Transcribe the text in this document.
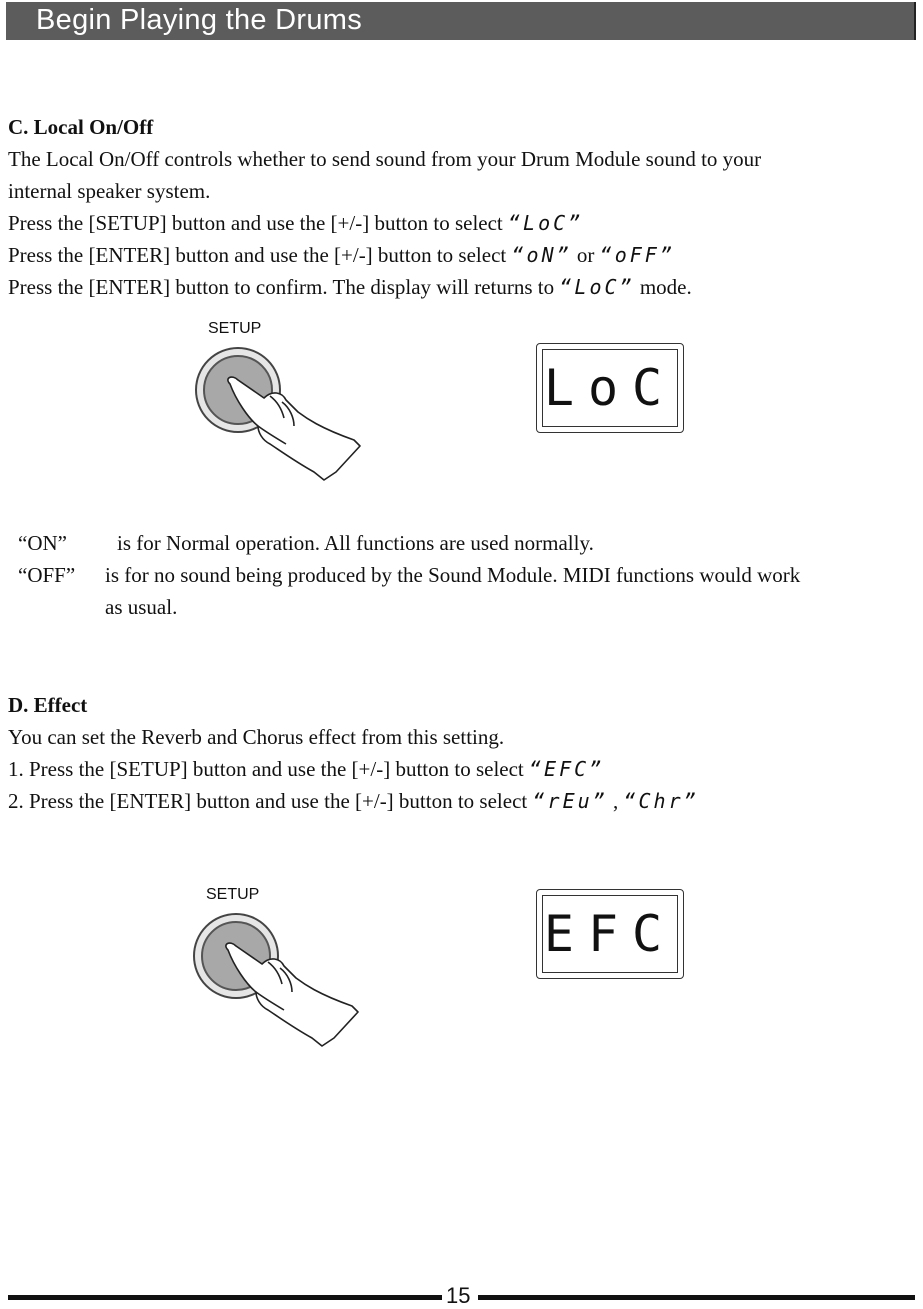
Begin Playing the Drums
C. Local On/Off
The Local On/Off controls whether to send sound from your Drum Module sound to your
internal speaker system.
Press the [SETUP] button and use the [+/-] button to select “LoC”
Press the [ENTER] button and use the [+/-] button to select “oN” or “oFF”
Press the [ENTER] button to confirm. The display will returns to “LoC” mode.
SETUP
LoC
“ON” is for Normal operation. All functions are used normally.
“OFF” is for no sound being produced by the Sound Module. MIDI functions would work
as usual.
D. Effect
You can set the Reverb and Chorus effect from this setting.
1. Press the [SETUP] button and use the [+/-] button to select “EFC”
2. Press the [ENTER] button and use the [+/-] button to select “rEu” , “Chr”
SETUP
EFC
15
